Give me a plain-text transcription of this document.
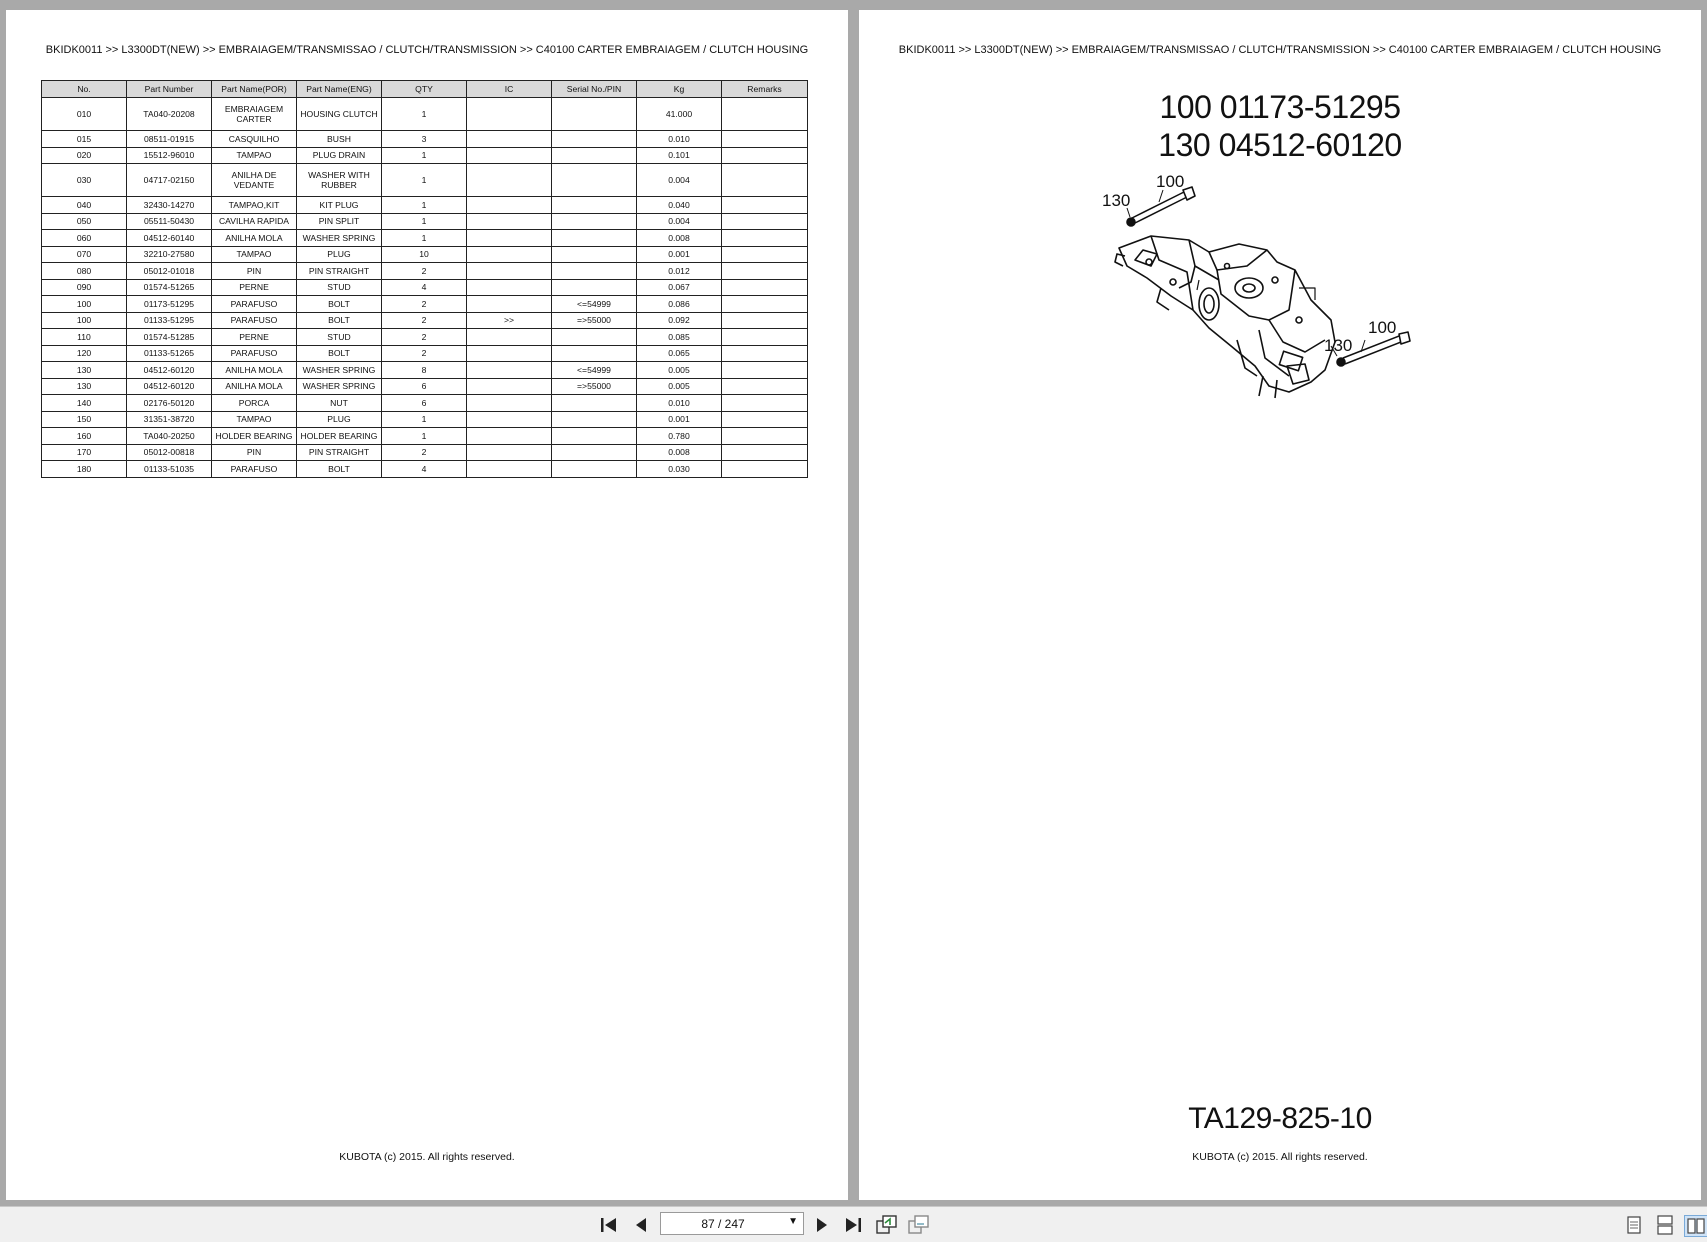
BKIDK0011 >> L3300DT(NEW) >> EMBRAIAGEM/TRANSMISSAO / CLUTCH/TRANSMISSION >> C40100 CARTER EMBRAIAGEM / CLUTCH HOUSING
No.	Part Number	Part Name(POR)	Part Name(ENG)	QTY	IC	Serial No./PIN	Kg	Remarks
010	TA040-20208	EMBRAIAGEM CARTER	HOUSING CLUTCH	1			41.000	
015	08511-01915	CASQUILHO	BUSH	3			0.010	
020	15512-96010	TAMPAO	PLUG DRAIN	1			0.101	
030	04717-02150	ANILHA DE VEDANTE	WASHER WITH RUBBER	1			0.004	
040	32430-14270	TAMPAO,KIT	KIT PLUG	1			0.040	
050	05511-50430	CAVILHA RAPIDA	PIN SPLIT	1			0.004	
060	04512-60140	ANILHA MOLA	WASHER SPRING	1			0.008	
070	32210-27580	TAMPAO	PLUG	10			0.001	
080	05012-01018	PIN	PIN STRAIGHT	2			0.012	
090	01574-51265	PERNE	STUD	4			0.067	
100	01173-51295	PARAFUSO	BOLT	2		<=54999	0.086	
100	01133-51295	PARAFUSO	BOLT	2	>>	=>55000	0.092	
110	01574-51285	PERNE	STUD	2			0.085	
120	01133-51265	PARAFUSO	BOLT	2			0.065	
130	04512-60120	ANILHA MOLA	WASHER SPRING	8		<=54999	0.005	
130	04512-60120	ANILHA MOLA	WASHER SPRING	6		=>55000	0.005	
140	02176-50120	PORCA	NUT	6			0.010	
150	31351-38720	TAMPAO	PLUG	1			0.001	
160	TA040-20250	HOLDER BEARING	HOLDER BEARING	1			0.780	
170	05012-00818	PIN	PIN STRAIGHT	2			0.008	
180	01133-51035	PARAFUSO	BOLT	4			0.030	
KUBOTA (c) 2015. All rights reserved.
BKIDK0011 >> L3300DT(NEW) >> EMBRAIAGEM/TRANSMISSAO / CLUTCH/TRANSMISSION >> C40100 CARTER EMBRAIAGEM / CLUTCH HOUSING
100 01173-51295
130 04512-60120
100
130
100
130
TA129-825-10
KUBOTA (c) 2015. All rights reserved.
87 / 247	▼
